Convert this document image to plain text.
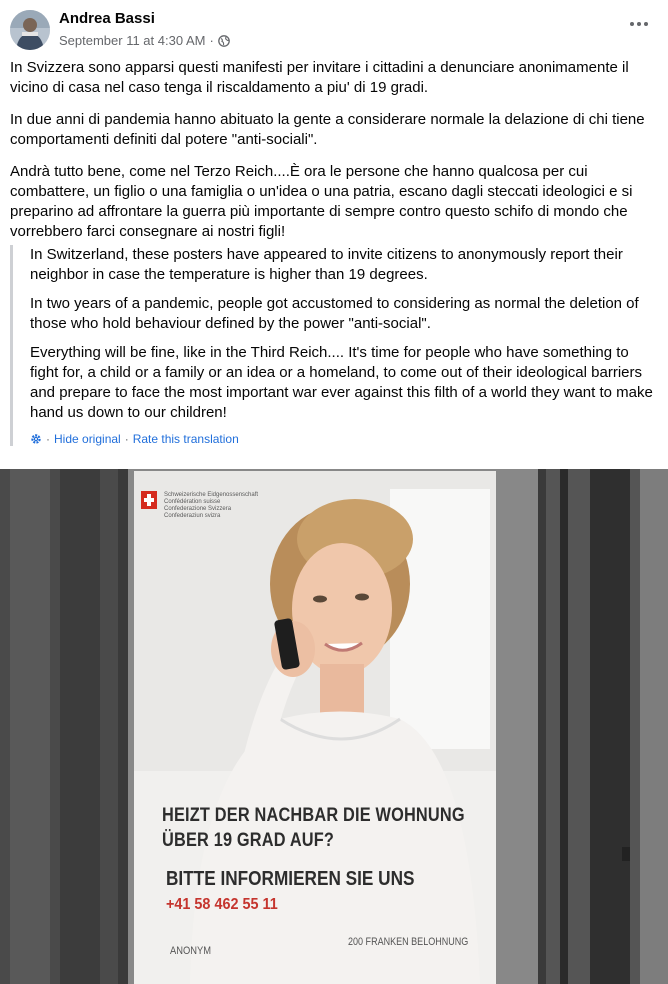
Andrea Bassi
September 11 at 4:30 AM ·

In Svizzera sono apparsi questi manifesti per invitare i cittadini a denunciare anonimamente il vicino di casa nel caso tenga il riscaldamento a piu' di 19 gradi.

In due anni di pandemia hanno abituato la gente a considerare normale la delazione di chi tiene comportamenti definiti dal potere "anti-sociali".

Andrà tutto bene, come nel Terzo Reich....È ora le persone che hanno qualcosa per cui combattere, un figlio o una famiglia o un'idea o una patria, escano dagli steccati ideologici e si preparino ad affrontare la guerra più importante di sempre contro questo schifo di mondo che vorrebbero farci consegnare ai nostri figli!

In Switzerland, these posters have appeared to invite citizens to anonymously report their neighbor in case the temperature is higher than 19 degrees.

In two years of a pandemic, people got accustomed to considering as normal the deletion of those who hold behaviour defined by the power "anti-social".

Everything will be fine, like in the Third Reich.... It's time for people who have something to fight for, a child or a family or an idea or a homeland, to come out of their ideological barriers and prepare to face the most important war ever against this filth of a world they want to make hand us down to our children!

· Hide original · Rate this translation
Schweizerische Eidgenossenschaft
Confédération suisse
Confederazione Svizzera
Confederaziun svizra
HEIZT DER NACHBAR DIE WOHNUNG
ÜBER 19 GRAD AUF?
BITTE INFORMIEREN SIE UNS
+41 58 462 55 11
ANONYM
200 FRANKEN BELOHNUNG
